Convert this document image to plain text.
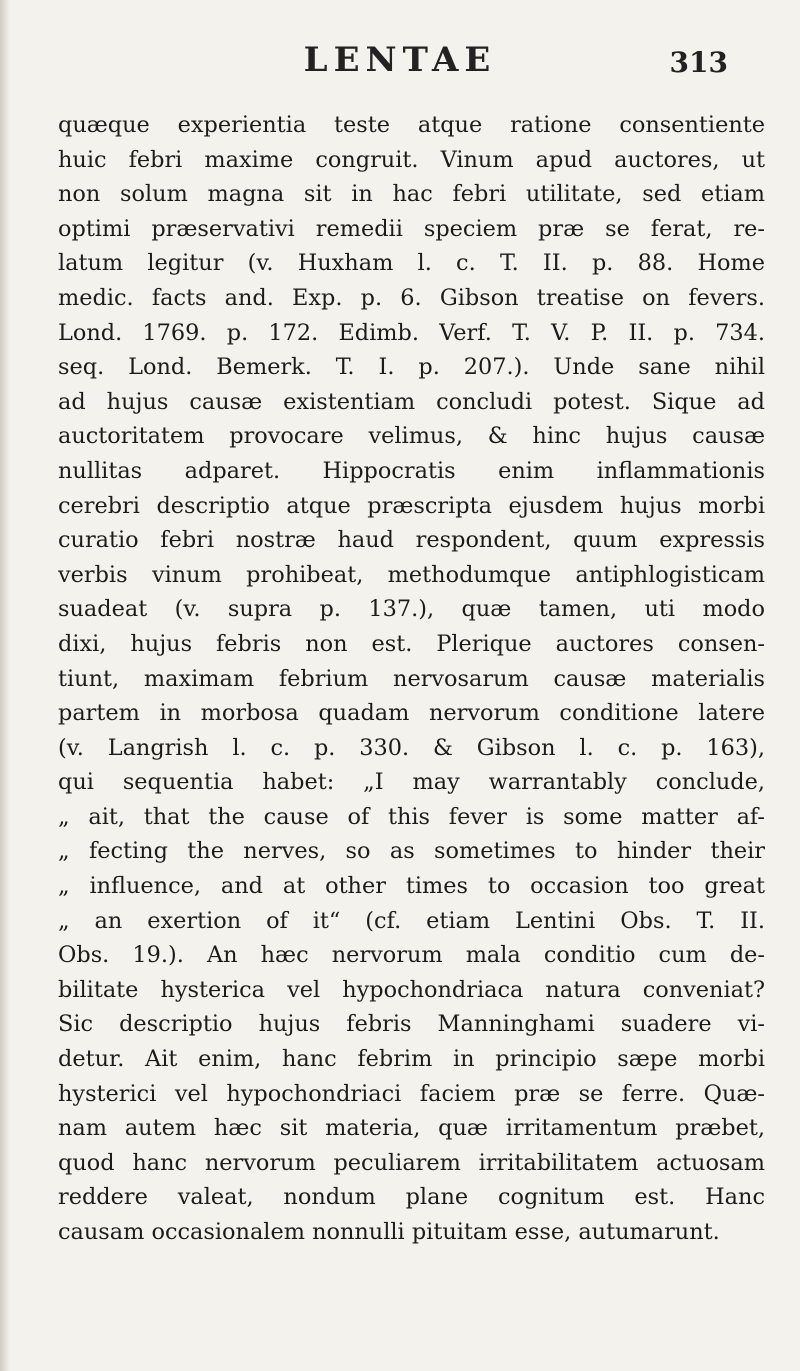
LENTAE	313
quæque experientia teste atque ratione consentiente
huic febri maxime congruit. Vinum apud auctores, ut
non solum magna sit in hac febri utilitate, sed etiam
optimi præservativi remedii speciem præ se ferat, re-
latum legitur (v. Huxham l. c. T. II. p. 88. Home
medic. facts and. Exp. p. 6. Gibson treatise on fevers.
Lond. 1769. p. 172. Edimb. Verf. T. V. P. II. p. 734.
seq. Lond. Bemerk. T. I. p. 207.). Unde sane nihil
ad hujus causæ existentiam concludi potest. Sique ad
auctoritatem provocare velimus, & hinc hujus causæ
nullitas adparet. Hippocratis enim inflammationis
cerebri descriptio atque præscripta ejusdem hujus morbi
curatio febri nostræ haud respondent, quum expressis
verbis vinum prohibeat, methodumque antiphlogisticam
suadeat (v. supra p. 137.), quæ tamen, uti modo
dixi, hujus febris non est. Plerique auctores consen-
tiunt, maximam febrium nervosarum causæ materialis
partem in morbosa quadam nervorum conditione latere
(v. Langrish l. c. p. 330. & Gibson l. c. p. 163),
qui sequentia habet: „I may warrantably conclude,
„ ait, that the cause of this fever is some matter af-
„ fecting the nerves, so as sometimes to hinder their
„ influence, and at other times to occasion too great
„ an exertion of it“ (cf. etiam Lentini Obs. T. II.
Obs. 19.). An hæc nervorum mala conditio cum de-
bilitate hysterica vel hypochondriaca natura conveniat?
Sic descriptio hujus febris Manninghami suadere vi-
detur. Ait enim, hanc febrim in principio sæpe morbi
hysterici vel hypochondriaci faciem præ se ferre. Quæ-
nam autem hæc sit materia, quæ irritamentum præbet,
quod hanc nervorum peculiarem irritabilitatem actuosam
reddere valeat, nondum plane cognitum est. Hanc
causam occasionalem nonnulli pituitam esse, autumarunt.
